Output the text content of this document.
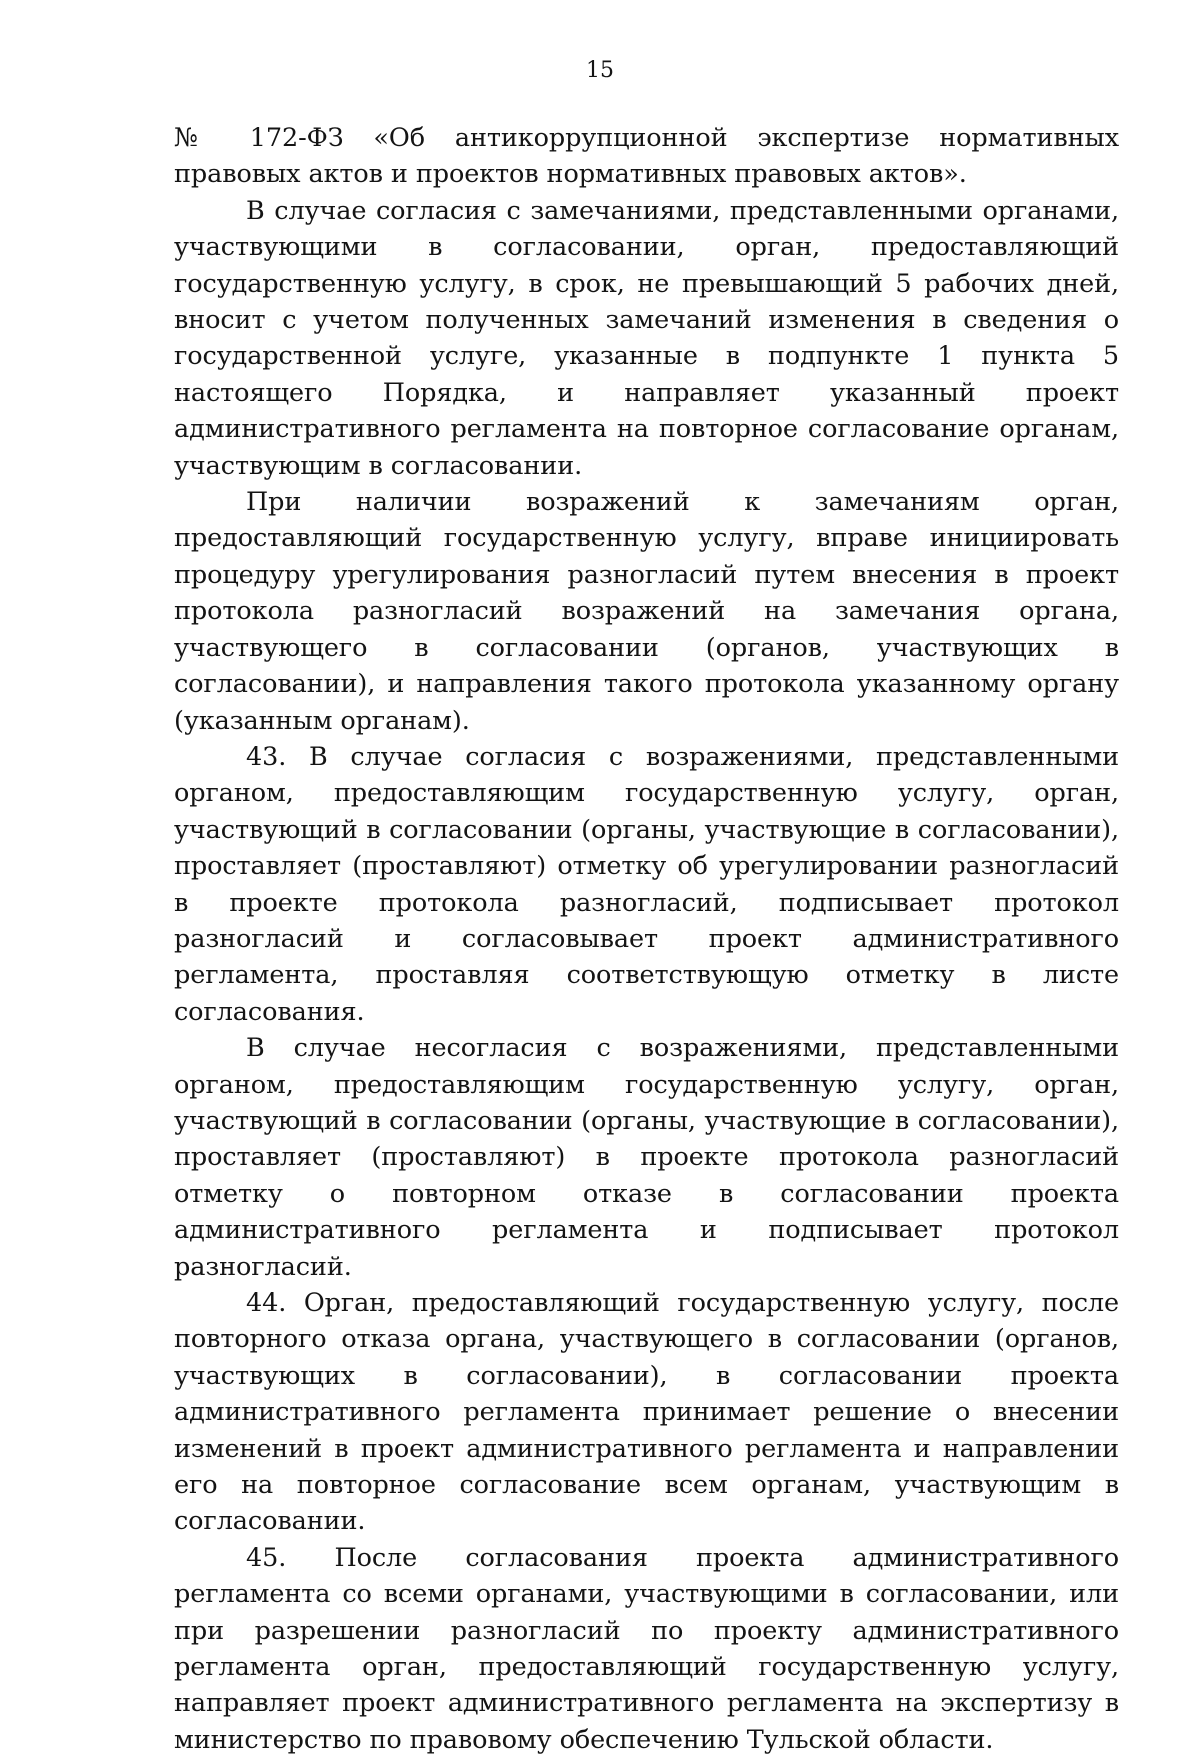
15

№ 172-ФЗ «Об антикоррупционной экспертизе нормативных правовых актов и проектов нормативных правовых актов».

В случае согласия с замечаниями, представленными органами, участвующими в согласовании, орган, предоставляющий государственную услугу, в срок, не превышающий 5 рабочих дней, вносит с учетом полученных замечаний изменения в сведения о государственной услуге, указанные в подпункте 1 пункта 5 настоящего Порядка, и направляет указанный проект административного регламента на повторное согласование органам, участвующим в согласовании.

При наличии возражений к замечаниям орган, предоставляющий государственную услугу, вправе инициировать процедуру урегулирования разногласий путем внесения в проект протокола разногласий возражений на замечания органа, участвующего в согласовании (органов, участвующих в согласовании), и направления такого протокола указанному органу (указанным органам).

43. В случае согласия с возражениями, представленными органом, предоставляющим государственную услугу, орган, участвующий в согласовании (органы, участвующие в согласовании), проставляет (проставляют) отметку об урегулировании разногласий в проекте протокола разногласий, подписывает протокол разногласий и согласовывает проект административного регламента, проставляя соответствующую отметку в листе согласования.

В случае несогласия с возражениями, представленными органом, предоставляющим государственную услугу, орган, участвующий в согласовании (органы, участвующие в согласовании), проставляет (проставляют) в проекте протокола разногласий отметку о повторном отказе в согласовании проекта административного регламента и подписывает протокол разногласий.

44. Орган, предоставляющий государственную услугу, после повторного отказа органа, участвующего в согласовании (органов, участвующих в согласовании), в согласовании проекта административного регламента принимает решение о внесении изменений в проект административного регламента и направлении его на повторное согласование всем органам, участвующим в согласовании.

45. После согласования проекта административного регламента со всеми органами, участвующими в согласовании, или при разрешении разногласий по проекту административного регламента орган, предоставляющий государственную услугу, направляет проект административного регламента на экспертизу в министерство по правовому обеспечению Тульской области.
